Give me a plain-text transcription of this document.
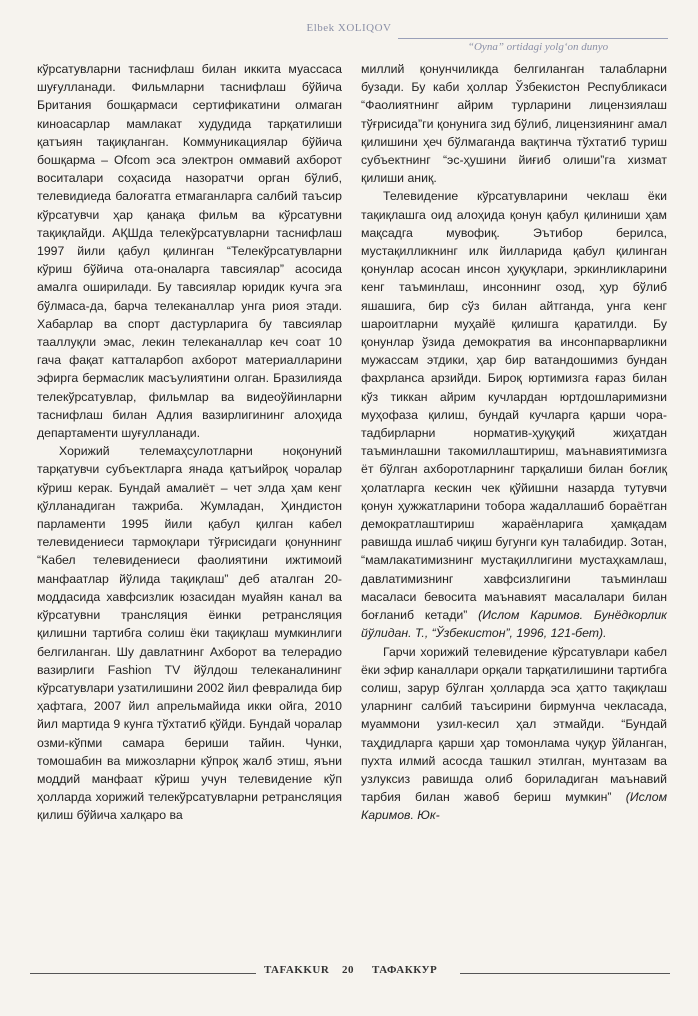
Elbek XOLIQOV
“Oyna” ortidagi yolg‘on dunyo

кўрсатувларни таснифлаш билан иккита муассаса шуғулланади. Фильмларни таснифлаш бўйича Британия бошқармаси сертификатини олмаган киноасарлар мамлакат худудида тарқатилиши қатъиян тақиқланган. Коммуникациялар бўйича бошқарма – Ofcom эса электрон оммавий ахборот воситалари соҳасида назоратчи орган бўлиб, телевидиеда балоғатга етмаганларга салбий таъсир кўрсатувчи ҳар қанақа фильм ва кўрсатувни тақиқлайди. АҚШда телекўрсатувларни таснифлаш 1997 йили қабул қилинган “Телекўрсатувларни кўриш бўйича ота-оналарга тавсиялар” асосида амалга оширилади. Бу тавсиялар юридик кучга эга бўлмаса-да, барча телеканаллар унга риоя этади. Хабарлар ва спорт дастурларига бу тавсиялар тааллуқли эмас, лекин телеканаллар кеч соат 10 гача фақат катталарбоп ахборот материалларини эфирга бермаслик масъулиятини олган. Бразилияда телекўрсатувлар, фильмлар ва видеоўйинларни таснифлаш билан Адлия вазирлигининг алоҳида департаменти шуғулланади.

Хорижий телемаҳсулотларни ноқонуний тарқатувчи субъектларга янада қатъийроқ чоралар кўриш керак. Бундай амалиёт – чет элда ҳам кенг қўлланадиган тажриба. Жумладан, Ҳиндистон парламенти 1995 йили қабул қилган кабел телевидениеси тармоқлари тўғрисидаги қонуннинг “Кабел телевидениеси фаолиятини ижтимоий манфаатлар йўлида тақиқлаш” деб аталган 20-моддасида хавфсизлик юзасидан муайян канал ва кўрсатувни трансляция ёинки ретрансляция қилишни тартибга солиш ёки тақиқлаш мумкинлиги белгиланган. Шу давлатнинг Ахборот ва телерадио вазирлиги Fashion TV йўлдош телеканалининг кўрсатувлари узатилишини 2002 йил февралида бир ҳафтага, 2007 йил апрельмайида икки ойга, 2010 йил мартида 9 кунга тўхтатиб қўйди. Бундай чоралар озми-кўпми самара бериши тайин. Чунки, томошабин ва мижозларни кўпроқ жалб этиш, яъни моддий манфаат кўриш учун телевидение кўп ҳолларда хорижий телекўрсатувларни ретрансляция қилиш бўйича халқаро ва

миллий қонунчиликда белгиланган талабларни бузади. Бу каби ҳоллар Ўзбекистон Республикаси “Фаолиятнинг айрим турларини лицензиялаш тўғрисида”ги қонунига зид бўлиб, лицензиянинг амал қилишини ҳеч бўлмаганда вақтинча тўхтатиб туриш субъектнинг “эс-ҳушини йиғиб олиши”га хизмат қилиши аниқ.

Телевидение кўрсатувларини чеклаш ёки тақиқлашга оид алоҳида қонун қабул қилиниши ҳам мақсадга мувофиқ. Эътибор берилса, мустақилликнинг илк йилларида қабул қилинган қонунлар асосан инсон ҳуқуқлари, эркинликларини кенг таъминлаш, инсоннинг озод, ҳур бўлиб яшашига, бир сўз билан айтганда, унга кенг шароитларни муҳайё қилишга қаратилди. Бу қонунлар ўзида демократия ва инсонпарварликни мужассам этдики, ҳар бир ватандошимиз бундан фахрланса арзийди. Бироқ юртимизга ғараз билан кўз тиккан айрим кучлардан юртдошларимизни муҳофаза қилиш, бундай кучларга қарши чора-тадбирларни норматив-ҳуқуқий жиҳатдан таъминлашни такомиллаштириш, маънавиятимизга ёт бўлган ахборотларнинг тарқалиши билан боғлиқ ҳолатларга кескин чек қўйишни назарда тутувчи қонун ҳужжатларини тобора жадаллашиб бораётган демократлаштириш жараёнларига ҳамқадам равишда ишлаб чиқиш бугунги кун талабидир. Зотан, “мамлакатимизнинг мустақиллигини мустаҳкамлаш, давлатимизнинг хавфсизлигини таъминлаш масаласи бевосита маънавият масалалари билан боғланиб кетади” (Ислом Каримов. Бунёдкорлик йўлидан. Т., “Ўзбекистон”, 1996, 121-бет).

Гарчи хорижий телевидение кўрсатувлари кабел ёки эфир каналлари орқали тарқатилишини тартибга солиш, зарур бўлган ҳолларда эса ҳатто тақиқлаш уларнинг салбий таъсирини бирмунча чекласада, муаммони узил-кесил ҳал этмайди. “Бундай таҳдидларга қарши ҳар томонлама чуқур ўйланган, пухта илмий асосда ташкил этилган, мунтазам ва узлуксиз равишда олиб бориладиган маънавий тарбия билан жавоб бериш мумкин” (Ислом Каримов. Юк-

TAFAKKUR 20 ТАФАККУР
